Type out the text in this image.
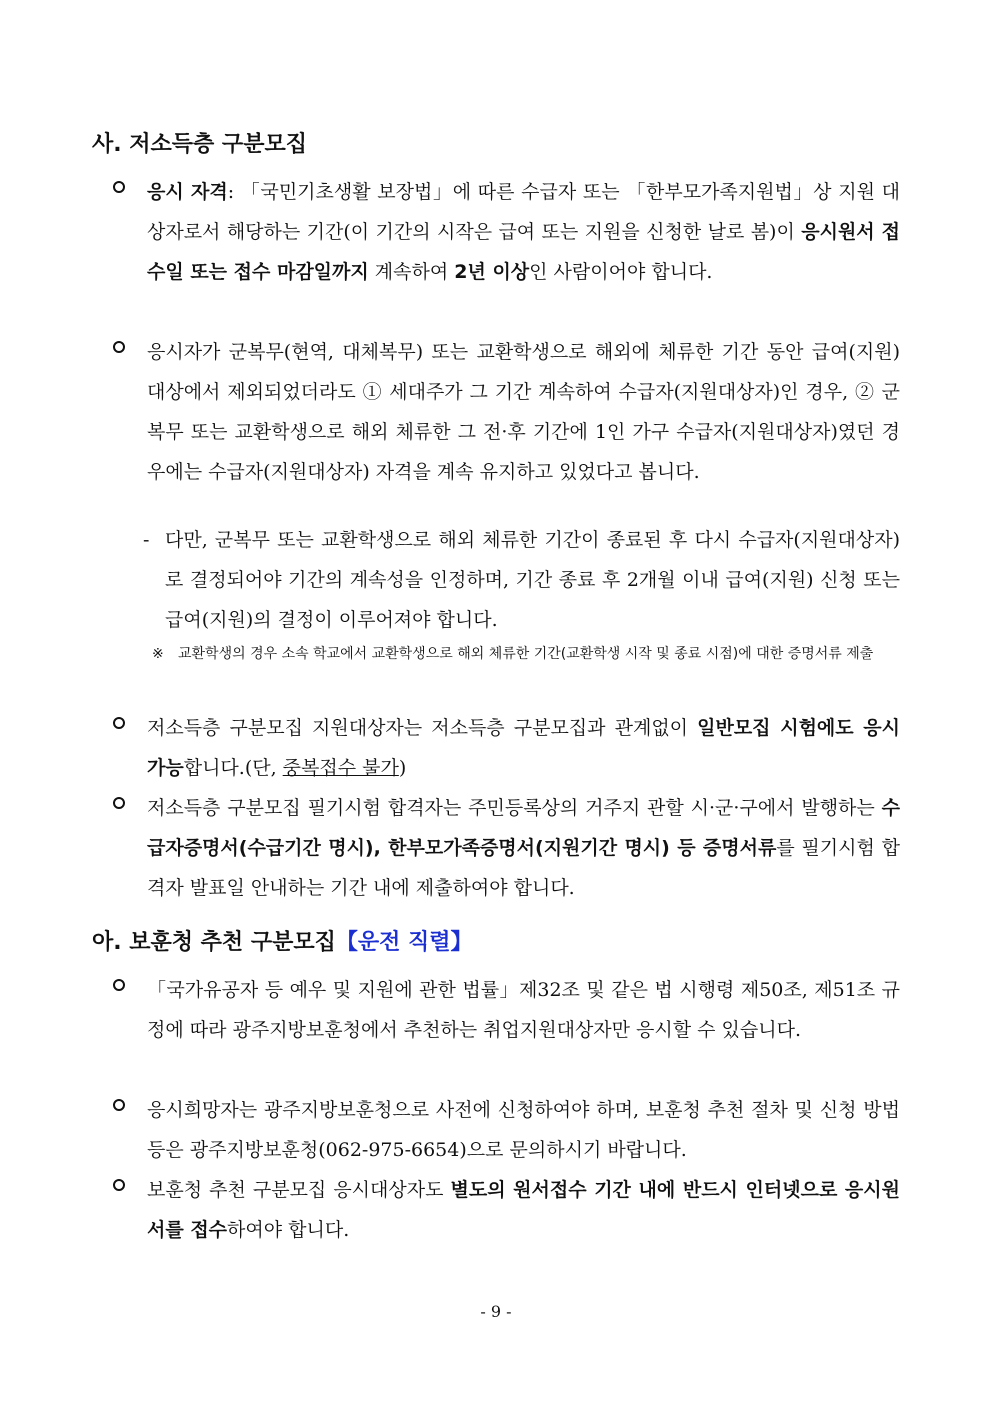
사. 저소득층 구분모집
응시 자격: 「국민기초생활 보장법」에 따른 수급자 또는 「한부모가족지원법」상 지원 대상자로서 해당하는 기간(이 기간의 시작은 급여 또는 지원을 신청한 날로 봄)이 응시원서 접수일 또는 접수 마감일까지 계속하여 2년 이상인 사람이어야 합니다.
응시자가 군복무(현역, 대체복무) 또는 교환학생으로 해외에 체류한 기간 동안 급여(지원) 대상에서 제외되었더라도 ① 세대주가 그 기간 계속하여 수급자(지원대상자)인 경우, ② 군복무 또는 교환학생으로 해외 체류한 그 전·후 기간에 1인 가구 수급자(지원대상자)였던 경우에는 수급자(지원대상자) 자격을 계속 유지하고 있었다고 봅니다.
- 다만, 군복무 또는 교환학생으로 해외 체류한 기간이 종료된 후 다시 수급자(지원대상자)로 결정되어야 기간의 계속성을 인정하며, 기간 종료 후 2개월 이내 급여(지원) 신청 또는 급여(지원)의 결정이 이루어져야 합니다.
※ 교환학생의 경우 소속 학교에서 교환학생으로 해외 체류한 기간(교환학생 시작 및 종료 시점)에 대한 증명서류 제출
저소득층 구분모집 지원대상자는 저소득층 구분모집과 관계없이 일반모집 시험에도 응시 가능합니다.(단, 중복접수 불가)
저소득층 구분모집 필기시험 합격자는 주민등록상의 거주지 관할 시·군·구에서 발행하는 수급자증명서(수급기간 명시), 한부모가족증명서(지원기간 명시) 등 증명서류를 필기시험 합격자 발표일 안내하는 기간 내에 제출하여야 합니다.
아. 보훈청 추천 구분모집【운전 직렬】
「국가유공자 등 예우 및 지원에 관한 법률」제32조 및 같은 법 시행령 제50조, 제51조 규정에 따라 광주지방보훈청에서 추천하는 취업지원대상자만 응시할 수 있습니다.
응시희망자는 광주지방보훈청으로 사전에 신청하여야 하며, 보훈청 추천 절차 및 신청 방법 등은 광주지방보훈청(062-975-6654)으로 문의하시기 바랍니다.
보훈청 추천 구분모집 응시대상자도 별도의 원서접수 기간 내에 반드시 인터넷으로 응시원서를 접수하여야 합니다.
- 9 -
